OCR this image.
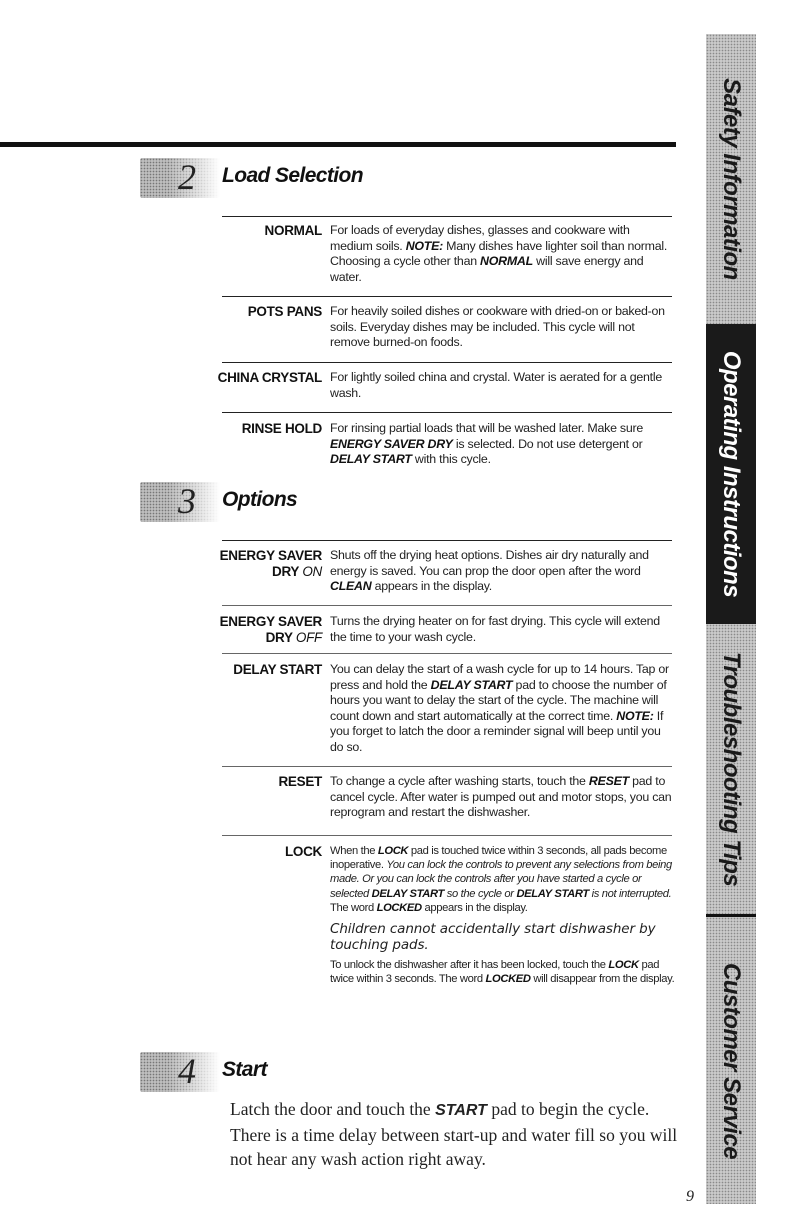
Safety Information
Operating Instructions
Troubleshooting Tips
Customer Service
2 Load Selection
NORMAL For loads of everyday dishes, glasses and cookware with medium soils. NOTE: Many dishes have lighter soil than normal. Choosing a cycle other than NORMAL will save energy and water.
POTS PANS For heavily soiled dishes or cookware with dried-on or baked-on soils. Everyday dishes may be included. This cycle will not remove burned-on foods.
CHINA CRYSTAL For lightly soiled china and crystal. Water is aerated for a gentle wash.
RINSE HOLD For rinsing partial loads that will be washed later. Make sure ENERGY SAVER DRY is selected. Do not use detergent or DELAY START with this cycle.
3 Options
ENERGY SAVER
DRY ON
Shuts off the drying heat options. Dishes air dry naturally and energy is saved. You can prop the door open after the word CLEAN appears in the display.
ENERGY SAVER
DRY OFF
Turns the drying heater on for fast drying. This cycle will extend the time to your wash cycle.
DELAY START You can delay the start of a wash cycle for up to 14 hours. Tap or press and hold the DELAY START pad to choose the number of hours you want to delay the start of the cycle. The machine will count down and start automatically at the correct time. NOTE: If you forget to latch the door a reminder signal will beep until you do so.
RESET To change a cycle after washing starts, touch the RESET pad to cancel cycle. After water is pumped out and motor stops, you can reprogram and restart the dishwasher.
LOCK When the LOCK pad is touched twice within 3 seconds, all pads become inoperative. You can lock the controls to prevent any selections from being made. Or you can lock the controls after you have started a cycle or selected DELAY START so the cycle or DELAY START is not interrupted. The word LOCKED appears in the display.
Children cannot accidentally start dishwasher by touching pads.
To unlock the dishwasher after it has been locked, touch the LOCK pad twice within 3 seconds. The word LOCKED will disappear from the display.
4 Start
Latch the door and touch the START pad to begin the cycle. There is a time delay between start-up and water fill so you will not hear any wash action right away.
9
